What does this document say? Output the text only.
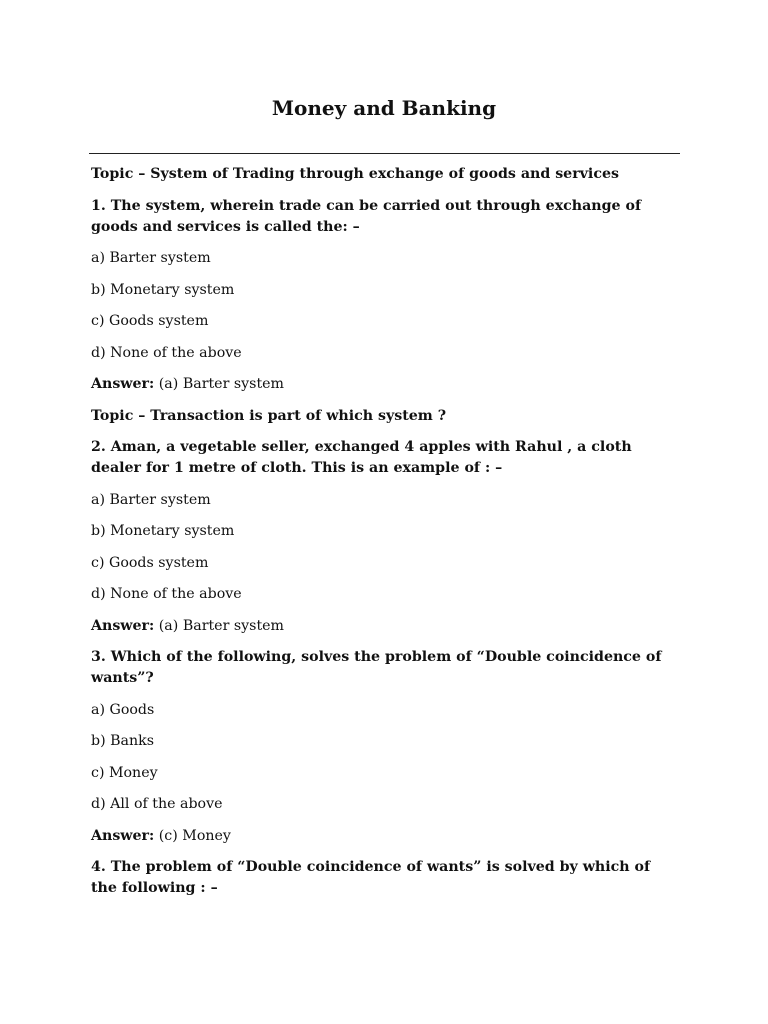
Money and Banking

Topic – System of Trading through exchange of goods and services

1. The system, wherein trade can be carried out through exchange of goods and services is called the: –

a) Barter system

b) Monetary system

c) Goods system

d) None of the above

Answer: (a) Barter system

Topic – Transaction is part of which system ?

2. Aman, a vegetable seller, exchanged 4 apples with Rahul , a cloth dealer for 1 metre of cloth. This is an example of : –

a) Barter system

b) Monetary system

c) Goods system

d) None of the above

Answer: (a) Barter system

3. Which of the following, solves the problem of “Double coincidence of wants”?

a) Goods

b) Banks

c) Money

d) All of the above

Answer: (c) Money

4. The problem of “Double coincidence of wants” is solved by which of the following : –
